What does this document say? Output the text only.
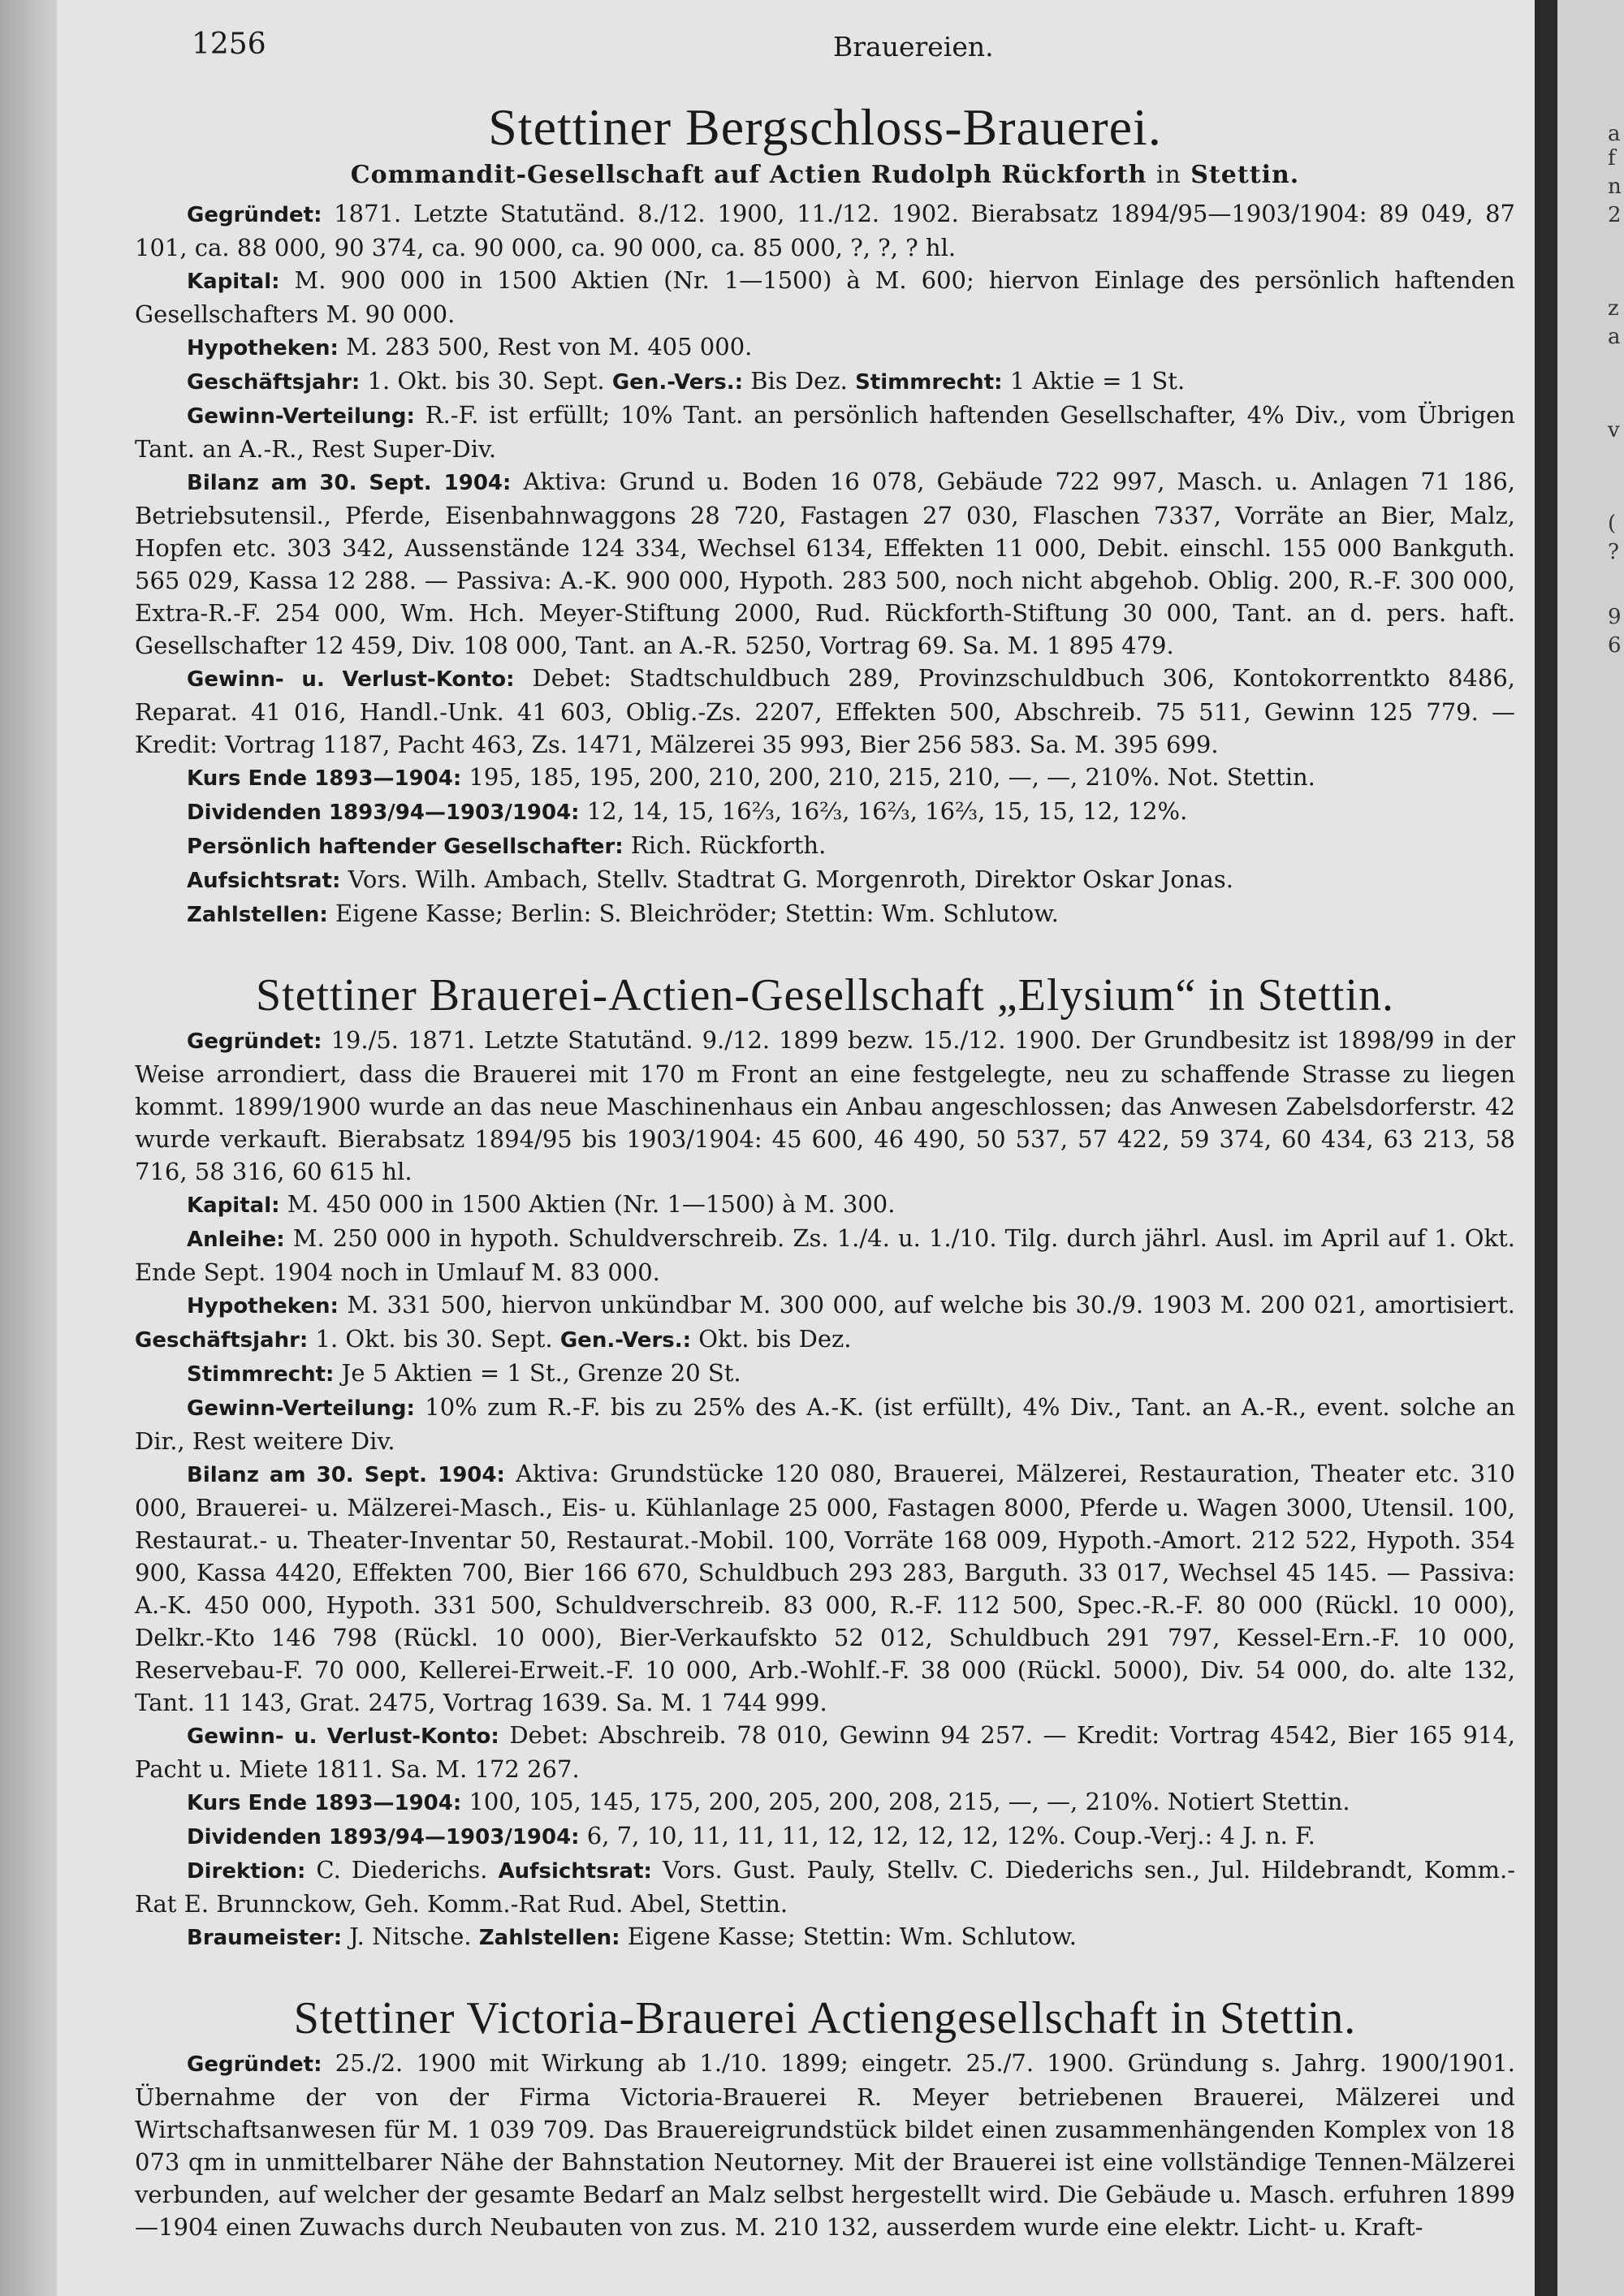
1256	Brauereien.
Stettiner Bergschloss-Brauerei.
Commandit-Gesellschaft auf Actien Rudolph Rückforth in Stettin.

Gegründet: 1871. Letzte Statutänd. 8./12. 1900, 11./12. 1902. Bierabsatz 1894/95—1903/1904: 89 049, 87 101, ca. 88 000, 90 374, ca. 90 000, ca. 90 000, ca. 85 000, ?, ?, ? hl.

Kapital: M. 900 000 in 1500 Aktien (Nr. 1—1500) à M. 600; hiervon Einlage des persönlich haftenden Gesellschafters M. 90 000.

Hypotheken: M. 283 500, Rest von M. 405 000.

Geschäftsjahr: 1. Okt. bis 30. Sept. Gen.-Vers.: Bis Dez. Stimmrecht: 1 Aktie = 1 St.

Gewinn-Verteilung: R.-F. ist erfüllt; 10% Tant. an persönlich haftenden Gesellschafter, 4% Div., vom Übrigen Tant. an A.-R., Rest Super-Div.

Bilanz am 30. Sept. 1904: Aktiva: Grund u. Boden 16 078, Gebäude 722 997, Masch. u. Anlagen 71 186, Betriebsutensil., Pferde, Eisenbahnwaggons 28 720, Fastagen 27 030, Flaschen 7337, Vorräte an Bier, Malz, Hopfen etc. 303 342, Aussenstände 124 334, Wechsel 6134, Effekten 11 000, Debit. einschl. 155 000 Bankguth. 565 029, Kassa 12 288. — Passiva: A.-K. 900 000, Hypoth. 283 500, noch nicht abgehob. Oblig. 200, R.-F. 300 000, Extra-R.-F. 254 000, Wm. Hch. Meyer-Stiftung 2000, Rud. Rückforth-Stiftung 30 000, Tant. an d. pers. haft. Gesellschafter 12 459, Div. 108 000, Tant. an A.-R. 5250, Vortrag 69. Sa. M. 1 895 479.

Gewinn- u. Verlust-Konto: Debet: Stadtschuldbuch 289, Provinzschuldbuch 306, Kontokorrentkto 8486, Reparat. 41 016, Handl.-Unk. 41 603, Oblig.-Zs. 2207, Effekten 500, Abschreib. 75 511, Gewinn 125 779. — Kredit: Vortrag 1187, Pacht 463, Zs. 1471, Mälzerei 35 993, Bier 256 583. Sa. M. 395 699.

Kurs Ende 1893—1904: 195, 185, 195, 200, 210, 200, 210, 215, 210, —, —, 210%. Not. Stettin.

Dividenden 1893/94—1903/1904: 12, 14, 15, 16⅔, 16⅔, 16⅔, 16⅔, 15, 15, 12, 12%.

Persönlich haftender Gesellschafter: Rich. Rückforth.

Aufsichtsrat: Vors. Wilh. Ambach, Stellv. Stadtrat G. Morgenroth, Direktor Oskar Jonas.

Zahlstellen: Eigene Kasse; Berlin: S. Bleichröder; Stettin: Wm. Schlutow.

Stettiner Brauerei-Actien-Gesellschaft „Elysium“ in Stettin.

Gegründet: 19./5. 1871. Letzte Statutänd. 9./12. 1899 bezw. 15./12. 1900. Der Grundbesitz ist 1898/99 in der Weise arrondiert, dass die Brauerei mit 170 m Front an eine festgelegte, neu zu schaffende Strasse zu liegen kommt. 1899/1900 wurde an das neue Maschinenhaus ein Anbau angeschlossen; das Anwesen Zabelsdorferstr. 42 wurde verkauft. Bierabsatz 1894/95 bis 1903/1904: 45 600, 46 490, 50 537, 57 422, 59 374, 60 434, 63 213, 58 716, 58 316, 60 615 hl.

Kapital: M. 450 000 in 1500 Aktien (Nr. 1—1500) à M. 300.

Anleihe: M. 250 000 in hypoth. Schuldverschreib. Zs. 1./4. u. 1./10. Tilg. durch jährl. Ausl. im April auf 1. Okt. Ende Sept. 1904 noch in Umlauf M. 83 000.

Hypotheken: M. 331 500, hiervon unkündbar M. 300 000, auf welche bis 30./9. 1903 M. 200 021, amortisiert. Geschäftsjahr: 1. Okt. bis 30. Sept. Gen.-Vers.: Okt. bis Dez.

Stimmrecht: Je 5 Aktien = 1 St., Grenze 20 St.

Gewinn-Verteilung: 10% zum R.-F. bis zu 25% des A.-K. (ist erfüllt), 4% Div., Tant. an A.-R., event. solche an Dir., Rest weitere Div.

Bilanz am 30. Sept. 1904: Aktiva: Grundstücke 120 080, Brauerei, Mälzerei, Restauration, Theater etc. 310 000, Brauerei- u. Mälzerei-Masch., Eis- u. Kühlanlage 25 000, Fastagen 8000, Pferde u. Wagen 3000, Utensil. 100, Restaurat.- u. Theater-Inventar 50, Restaurat.-Mobil. 100, Vorräte 168 009, Hypoth.-Amort. 212 522, Hypoth. 354 900, Kassa 4420, Effekten 700, Bier 166 670, Schuldbuch 293 283, Barguth. 33 017, Wechsel 45 145. — Passiva: A.-K. 450 000, Hypoth. 331 500, Schuldverschreib. 83 000, R.-F. 112 500, Spec.-R.-F. 80 000 (Rückl. 10 000), Delkr.-Kto 146 798 (Rückl. 10 000), Bier-Verkaufskto 52 012, Schuldbuch 291 797, Kessel-Ern.-F. 10 000, Reservebau-F. 70 000, Kellerei-Erweit.-F. 10 000, Arb.-Wohlf.-F. 38 000 (Rückl. 5000), Div. 54 000, do. alte 132, Tant. 11 143, Grat. 2475, Vortrag 1639. Sa. M. 1 744 999.

Gewinn- u. Verlust-Konto: Debet: Abschreib. 78 010, Gewinn 94 257. — Kredit: Vortrag 4542, Bier 165 914, Pacht u. Miete 1811. Sa. M. 172 267.

Kurs Ende 1893—1904: 100, 105, 145, 175, 200, 205, 200, 208, 215, —, —, 210%. Notiert Stettin.

Dividenden 1893/94—1903/1904: 6, 7, 10, 11, 11, 11, 12, 12, 12, 12, 12%. Coup.-Verj.: 4 J. n. F.

Direktion: C. Diederichs. Aufsichtsrat: Vors. Gust. Pauly, Stellv. C. Diederichs sen., Jul. Hildebrandt, Komm.-Rat E. Brunnckow, Geh. Komm.-Rat Rud. Abel, Stettin.

Braumeister: J. Nitsche. Zahlstellen: Eigene Kasse; Stettin: Wm. Schlutow.

Stettiner Victoria-Brauerei Actiengesellschaft in Stettin.

Gegründet: 25./2. 1900 mit Wirkung ab 1./10. 1899; eingetr. 25./7. 1900. Gründung s. Jahrg. 1900/1901. Übernahme der von der Firma Victoria-Brauerei R. Meyer betriebenen Brauerei, Mälzerei und Wirtschaftsanwesen für M. 1 039 709. Das Brauereigrundstück bildet einen zusammenhängenden Komplex von 18 073 qm in unmittelbarer Nähe der Bahnstation Neutorney. Mit der Brauerei ist eine vollständige Tennen-Mälzerei verbunden, auf welcher der gesamte Bedarf an Malz selbst hergestellt wird. Die Gebäude u. Masch. erfuhren 1899—1904 einen Zuwachs durch Neubauten von zus. M. 210 132, ausserdem wurde eine elektr. Licht- u. Kraft-

a
f
n
2
z
a
v
(
?
9
6
